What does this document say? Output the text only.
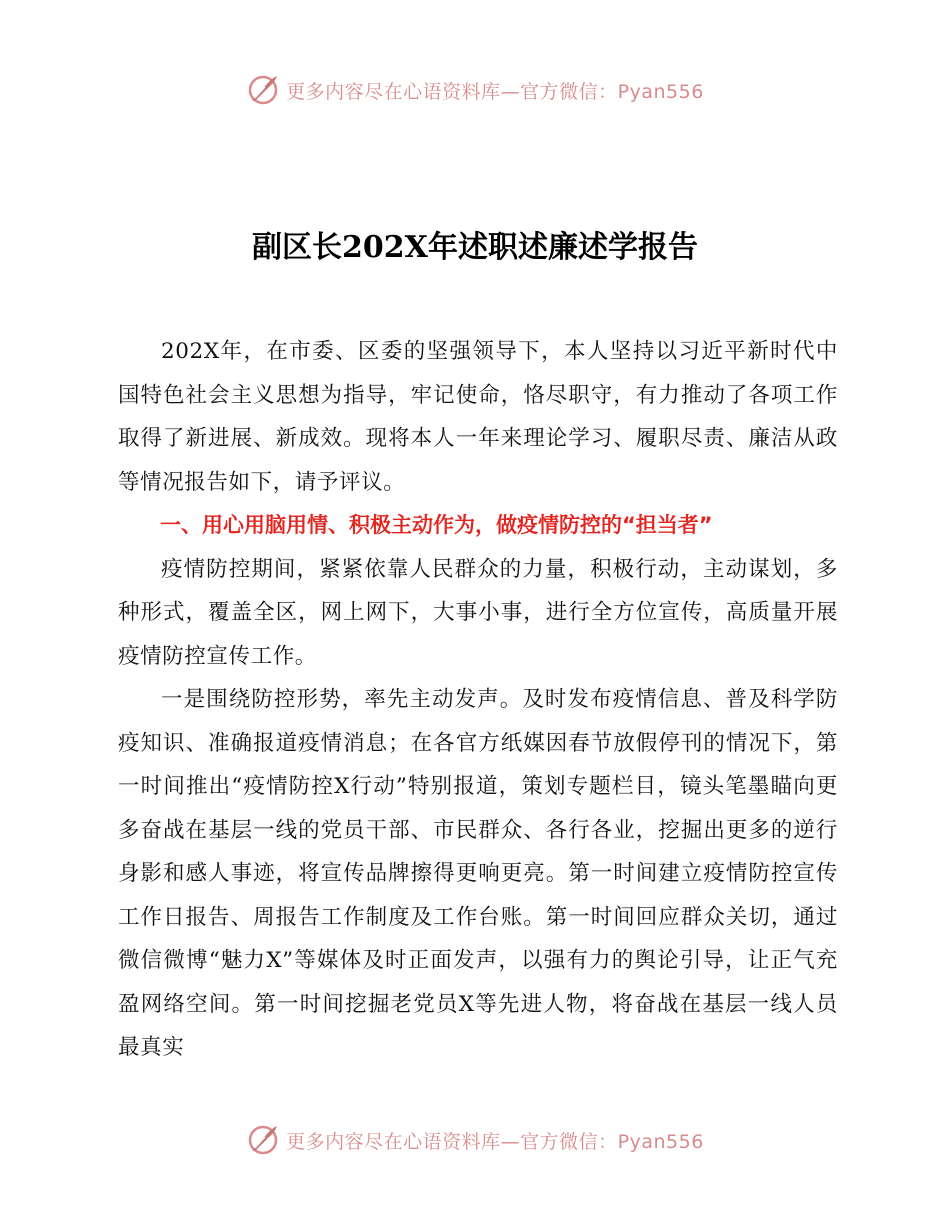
更多内容尽在心语资料库—官方微信：Pyan556
副区长202X年述职述廉述学报告

202X年，在市委、区委的坚强领导下，本人坚持以习近平新时代中国特色社会主义思想为指导，牢记使命，恪尽职守，有力推动了各项工作取得了新进展、新成效。现将本人一年来理论学习、履职尽责、廉洁从政等情况报告如下，请予评议。

一、用心用脑用情、积极主动作为，做疫情防控的“担当者”

疫情防控期间，紧紧依靠人民群众的力量，积极行动，主动谋划，多种形式，覆盖全区，网上网下，大事小事，进行全方位宣传，高质量开展疫情防控宣传工作。

一是围绕防控形势，率先主动发声。及时发布疫情信息、普及科学防疫知识、准确报道疫情消息；在各官方纸媒因春节放假停刊的情况下，第一时间推出“疫情防控X行动”特别报道，策划专题栏目，镜头笔墨瞄向更多奋战在基层一线的党员干部、市民群众、各行各业，挖掘出更多的逆行身影和感人事迹，将宣传品牌擦得更响更亮。第一时间建立疫情防控宣传工作日报告、周报告工作制度及工作台账。第一时间回应群众关切，通过微信微博“魅力X”等媒体及时正面发声，以强有力的舆论引导，让正气充盈网络空间。第一时间挖掘老党员X等先进人物，将奋战在基层一线人员最真实

更多内容尽在心语资料库—官方微信：Pyan556
